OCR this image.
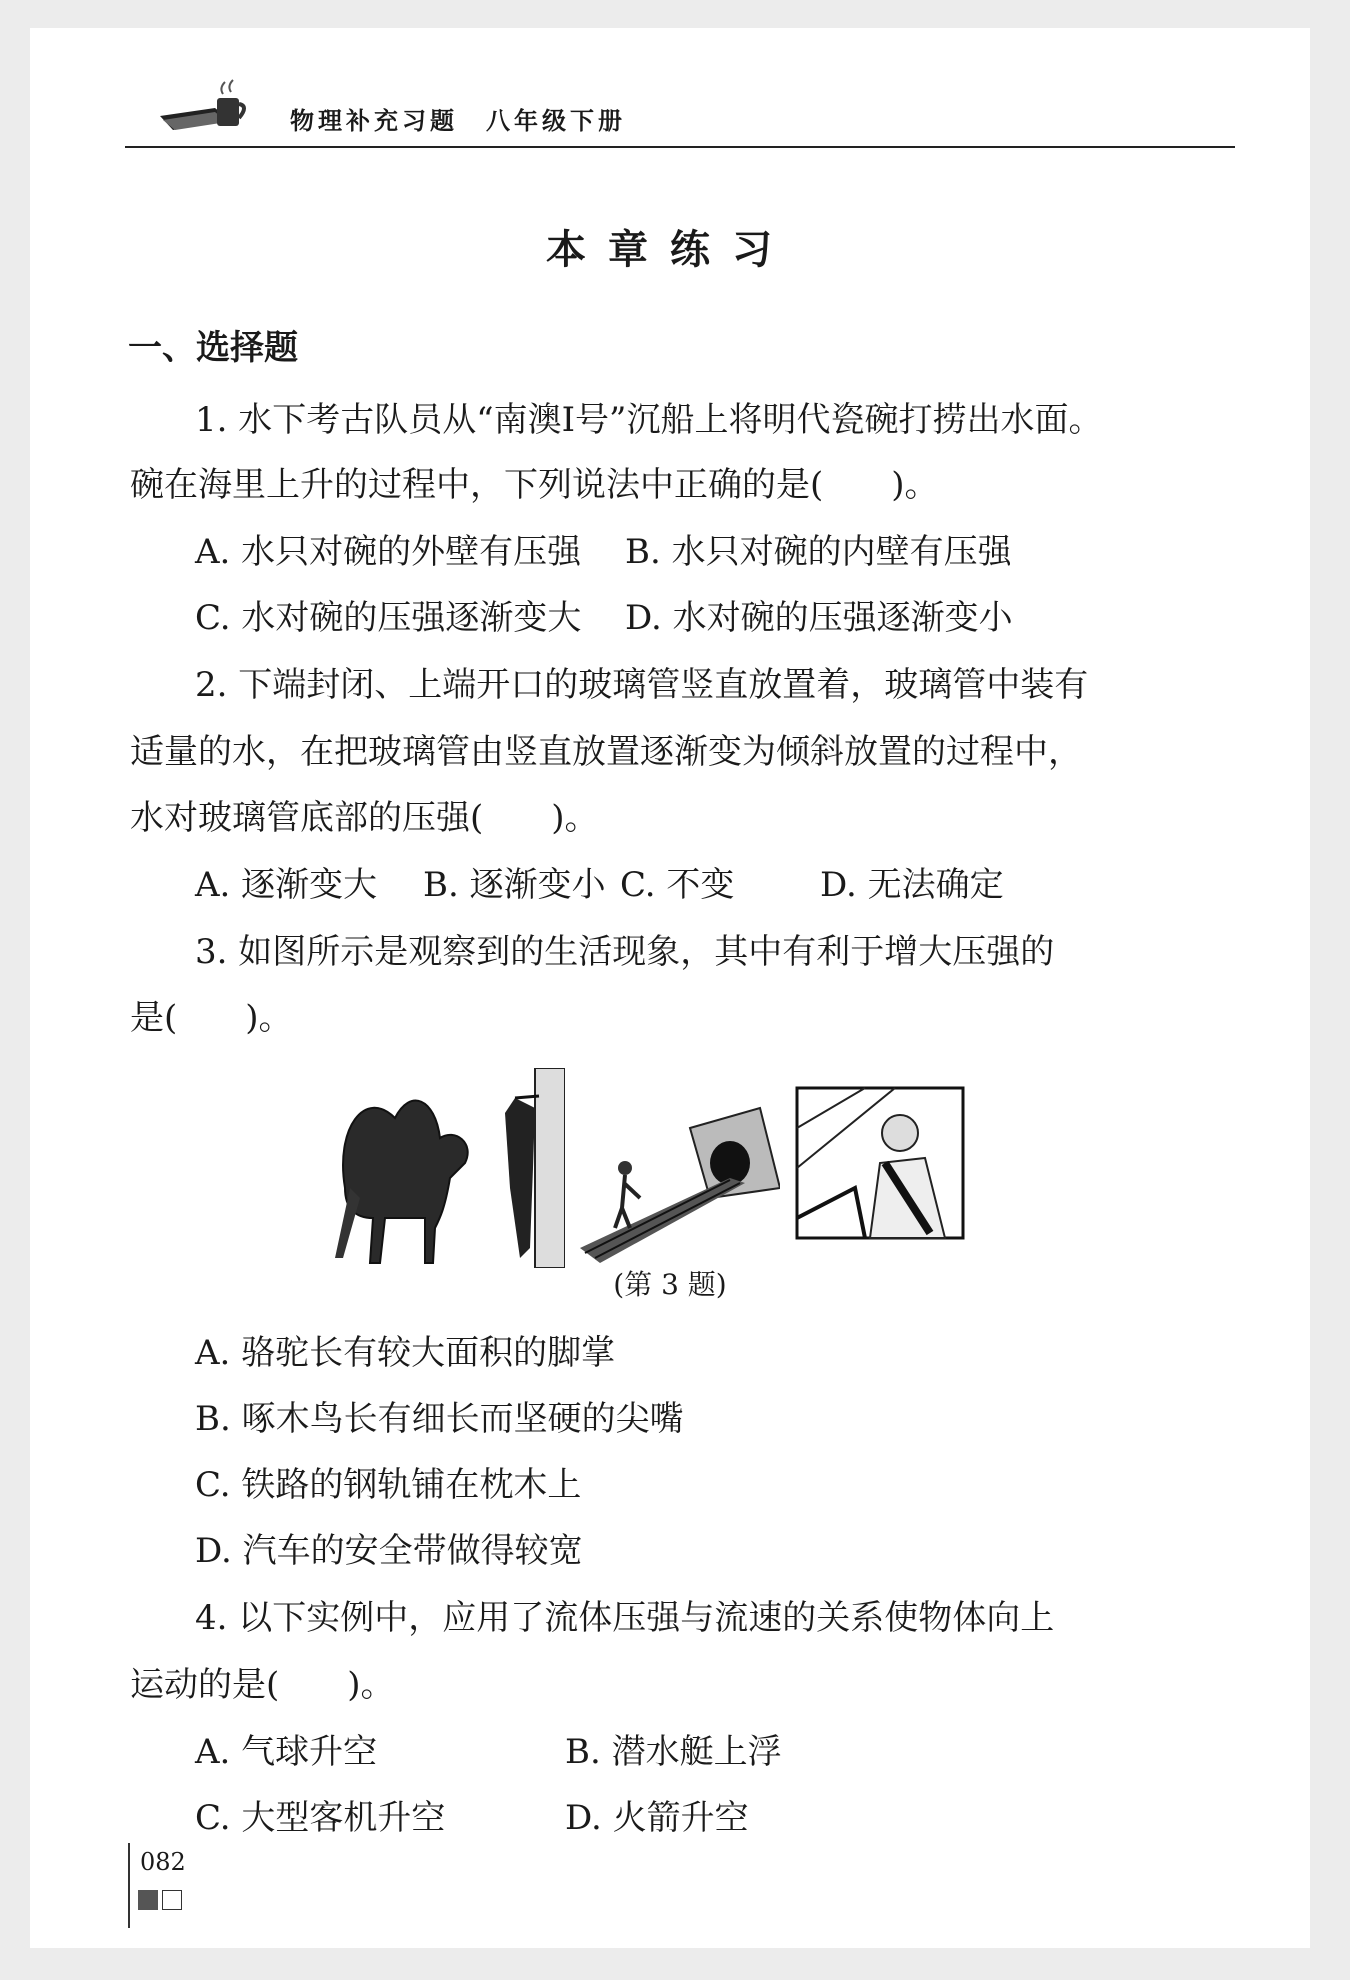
物理补充习题　八年级下册
本章练习
一、选择题
1. 水下考古队员从“南澳Ⅰ号”沉船上将明代瓷碗打捞出水面。
碗在海里上升的过程中，下列说法中正确的是(　　)。
A. 水只对碗的外壁有压强 B. 水只对碗的内壁有压强
C. 水对碗的压强逐渐变大 D. 水对碗的压强逐渐变小
2. 下端封闭、上端开口的玻璃管竖直放置着，玻璃管中装有
适量的水，在把玻璃管由竖直放置逐渐变为倾斜放置的过程中，
水对玻璃管底部的压强(　　)。
A. 逐渐变大 B. 逐渐变小 C. 不变	D. 无法确定
3. 如图所示是观察到的生活现象，其中有利于增大压强的
是(　　)。
(第 3 题)
A. 骆驼长有较大面积的脚掌
B. 啄木鸟长有细长而坚硬的尖嘴
C. 铁路的钢轨铺在枕木上
D. 汽车的安全带做得较宽
4. 以下实例中，应用了流体压强与流速的关系使物体向上
运动的是(　　)。
A. 气球升空	B. 潜水艇上浮
C. 大型客机升空	D. 火箭升空
082
